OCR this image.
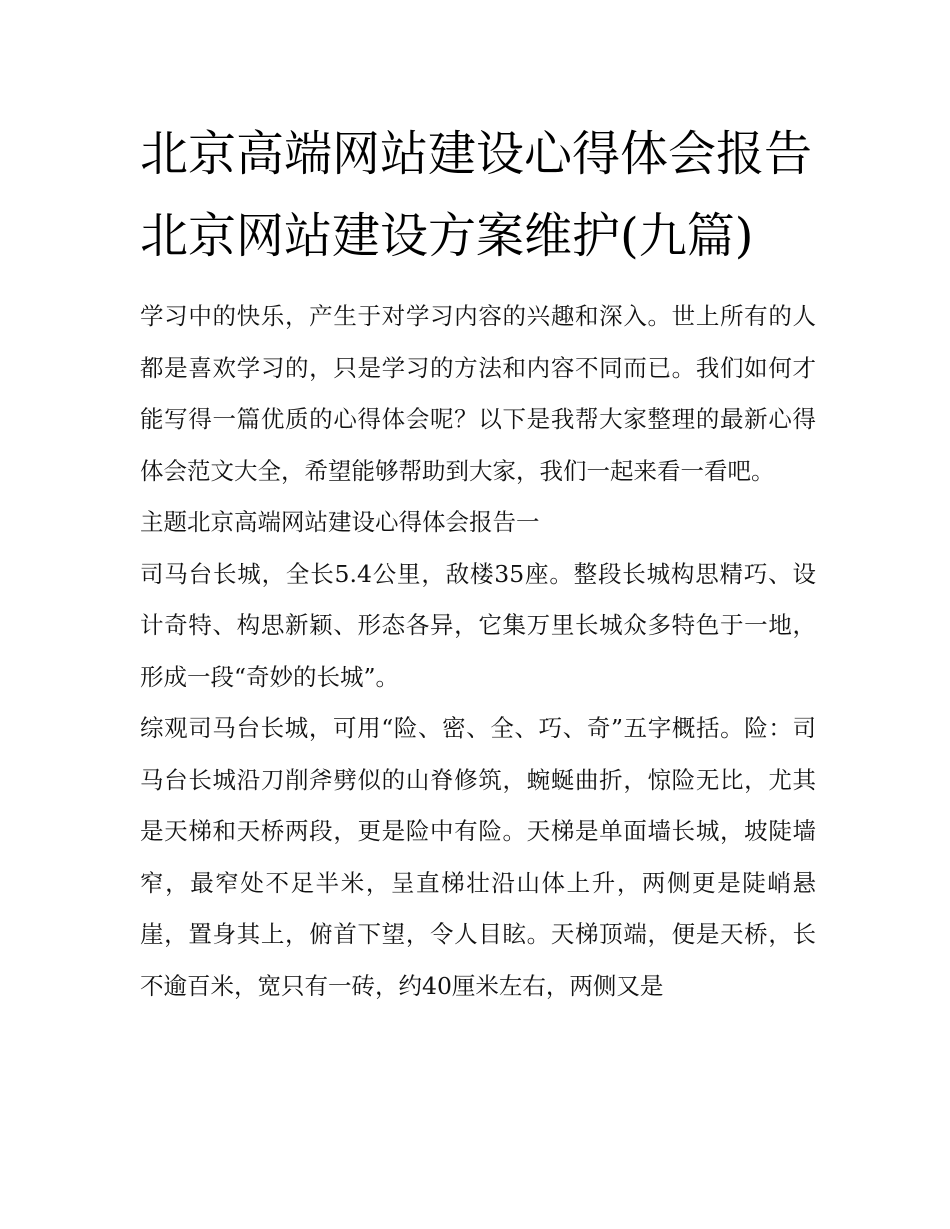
北京高端网站建设心得体会报告 北京网站建设方案维护(九篇)

学习中的快乐，产生于对学习内容的兴趣和深入。世上所有的人都是喜欢学习的，只是学习的方法和内容不同而已。我们如何才能写得一篇优质的心得体会呢？以下是我帮大家整理的最新心得体会范文大全，希望能够帮助到大家，我们一起来看一看吧。

主题北京高端网站建设心得体会报告一

司马台长城，全长5.4公里，敌楼35座。整段长城构思精巧、设计奇特、构思新颖、形态各异，它集万里长城众多特色于一地，形成一段“奇妙的长城”。

综观司马台长城，可用“险、密、全、巧、奇”五字概括。险：司马台长城沿刀削斧劈似的山脊修筑，蜿蜒曲折，惊险无比，尤其是天梯和天桥两段，更是险中有险。天梯是单面墙长城，坡陡墙窄，最窄处不足半米，呈直梯壮沿山体上升，两侧更是陡峭悬崖，置身其上，俯首下望，令人目眩。天梯顶端，便是天桥，长不逾百米，宽只有一砖，约40厘米左右，两侧又是
